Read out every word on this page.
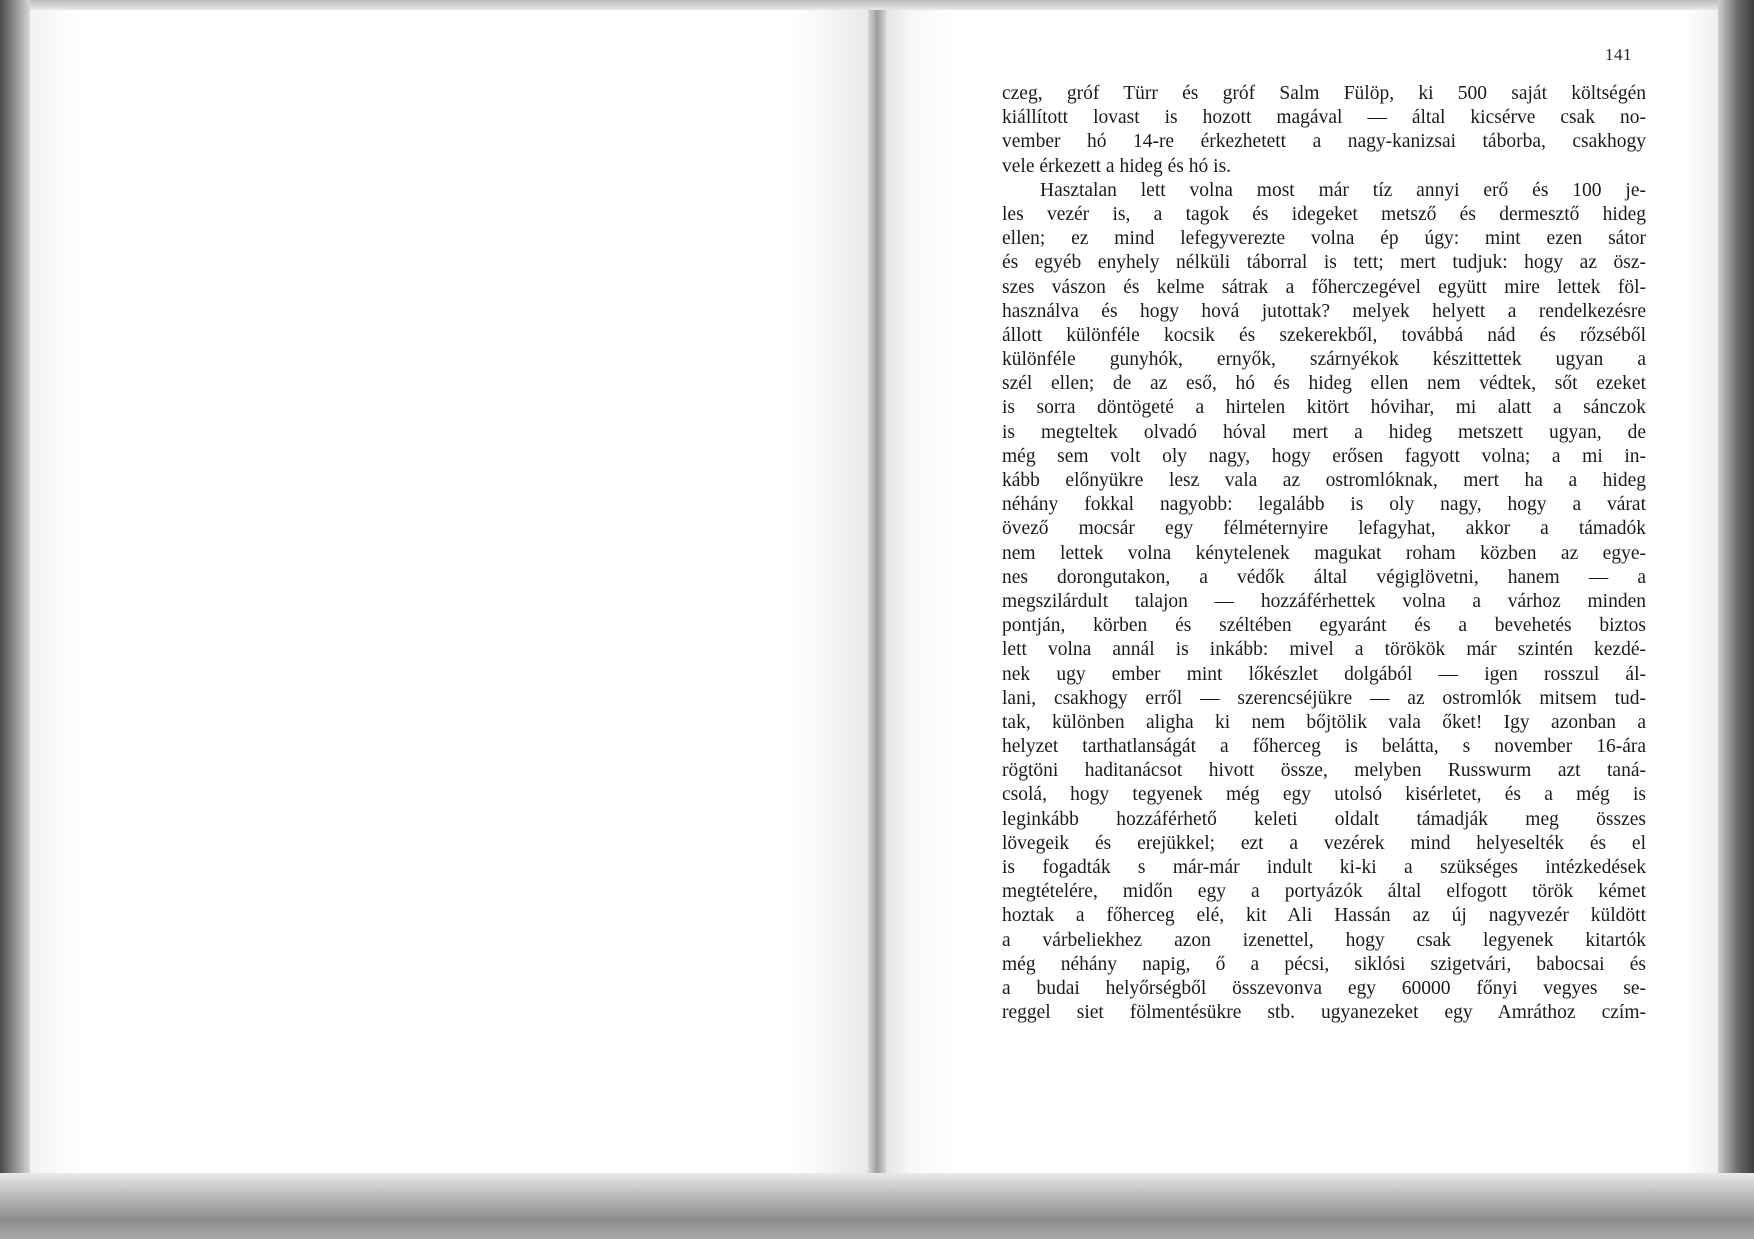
141
czeg, gróf Türr és gróf Salm Fülöp, ki 500 saját költségén
kiállított lovast is hozott magával — által kicsérve csak no-
vember hó 14-re érkezhetett a nagy-kanizsai táborba, csakhogy
vele érkezett a hideg és hó is.
Hasztalan lett volna most már tíz annyi erő és 100 je-
les vezér is, a tagok és idegeket metsző és dermesztő hideg
ellen; ez mind lefegyverezte volna ép úgy: mint ezen sátor
és egyéb enyhely nélküli táborral is tett; mert tudjuk: hogy az ösz-
szes vászon és kelme sátrak a főherczegével együtt mire lettek föl-
használva és hogy hová jutottak? melyek helyett a rendelkezésre
állott különféle kocsik és szekerekből, továbbá nád és rőzséből
különféle gunyhók, ernyők, szárnyékok készittettek ugyan a
szél ellen; de az eső, hó és hideg ellen nem védtek, sőt ezeket
is sorra döntögeté a hirtelen kitört hóvihar, mi alatt a sánczok
is megteltek olvadó hóval mert a hideg metszett ugyan, de
még sem volt oly nagy, hogy erősen fagyott volna; a mi in-
kább előnyükre lesz vala az ostromlóknak, mert ha a hideg
néhány fokkal nagyobb: legalább is oly nagy, hogy a várat
övező mocsár egy félméternyire lefagyhat, akkor a támadók
nem lettek volna kénytelenek magukat roham közben az egye-
nes dorongutakon, a védők által végiglövetni, hanem — a
megszilárdult talajon — hozzáférhettek volna a várhoz minden
pontján, körben és széltében egyaránt és a bevehetés biztos
lett volna annál is inkább: mivel a törökök már szintén kezdé-
nek ugy ember mint lőkészlet dolgából — igen rosszul ál-
lani, csakhogy erről — szerencséjükre — az ostromlók mitsem tud-
tak, különben aligha ki nem bőjtölik vala őket! Igy azonban a
helyzet tarthatlanságát a főherceg is belátta, s november 16-ára
rögtöni haditanácsot hivott össze, melyben Russwurm azt taná-
csolá, hogy tegyenek még egy utolsó kisérletet, és a még is
leginkább hozzáférhető keleti oldalt támadják meg összes
lövegeik és erejükkel; ezt a vezérek mind helyeselték és el
is fogadták s már-már indult ki-ki a szükséges intézkedések
megtételére, midőn egy a portyázók által elfogott török kémet
hoztak a főherceg elé, kit Ali Hassán az új nagyvezér küldött
a várbeliekhez azon izenettel, hogy csak legyenek kitartók
még néhány napig, ő a pécsi, siklósi szigetvári, babocsai és
a budai helyőrségből összevonva egy 60000 főnyi vegyes se-
reggel siet fölmentésükre stb. ugyanezeket egy Amráthoz czím-
